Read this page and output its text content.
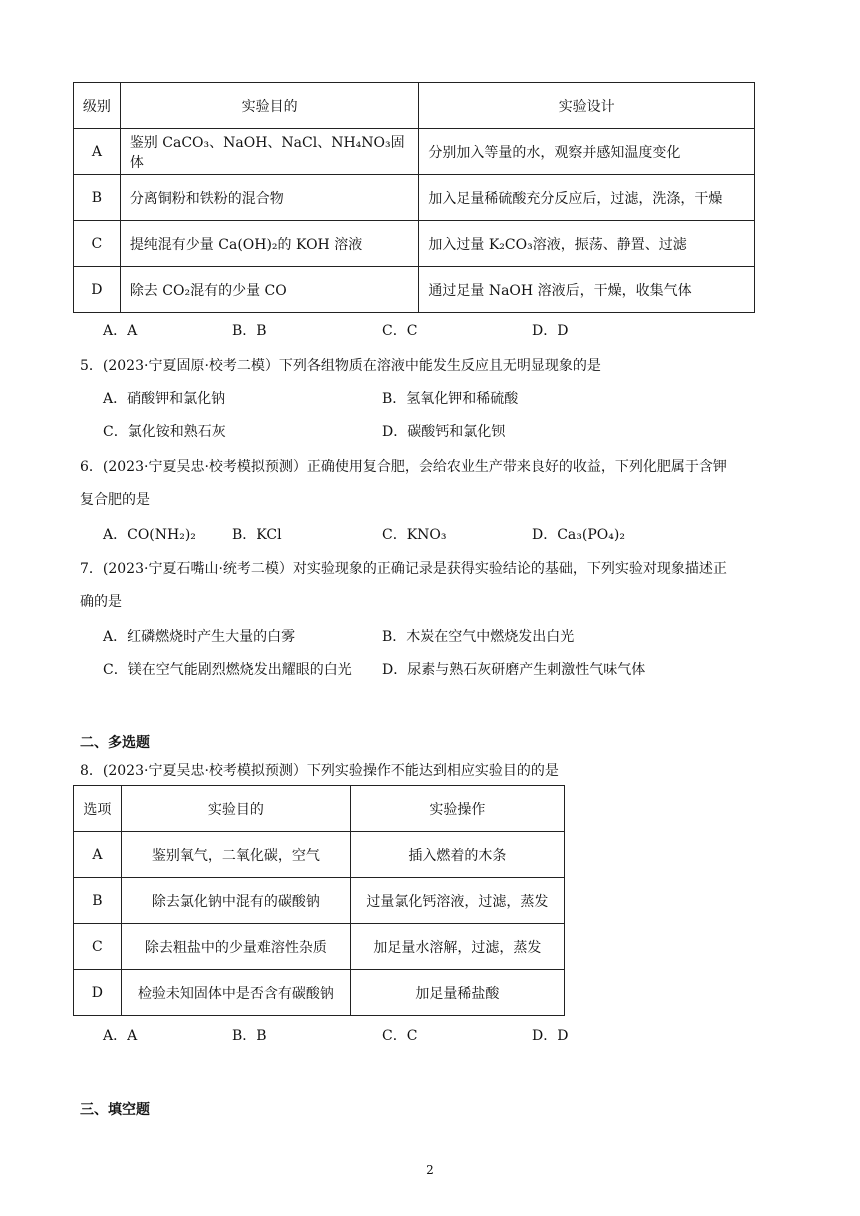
级别	实验目的	实验设计
A	鉴别 CaCO₃、NaOH、NaCl、NH₄NO₃固体	分别加入等量的水，观察并感知温度变化
B	分离铜粉和铁粉的混合物	加入足量稀硫酸充分反应后，过滤，洗涤，干燥
C	提纯混有少量 Ca(OH)₂的 KOH 溶液	加入过量 K₂CO₃溶液，振荡、静置、过滤
D	除去 CO₂混有的少量 CO	通过足量 NaOH 溶液后，干燥，收集气体
A．A	B．B	C．C	D．D
5．(2023·宁夏固原·校考二模）下列各组物质在溶液中能发生反应且无明显现象的是
A．硝酸钾和氯化钠	B．氢氧化钾和稀硫酸
C．氯化铵和熟石灰	D．碳酸钙和氯化钡
6．(2023·宁夏吴忠·校考模拟预测）正确使用复合肥，会给农业生产带来良好的收益，下列化肥属于含钾
复合肥的是
A．CO(NH₂)₂	B．KCl	C．KNO₃	D．Ca₃(PO₄)₂
7．(2023·宁夏石嘴山·统考二模）对实验现象的正确记录是获得实验结论的基础，下列实验对现象描述正
确的是
A．红磷燃烧时产生大量的白雾	B．木炭在空气中燃烧发出白光
C．镁在空气能剧烈燃烧发出耀眼的白光 D．尿素与熟石灰研磨产生刺激性气味气体
二、多选题
8．(2023·宁夏吴忠·校考模拟预测）下列实验操作不能达到相应实验目的的是
选项	实验目的	实验操作
A	鉴别氧气，二氧化碳，空气	插入燃着的木条
B	除去氯化钠中混有的碳酸钠	过量氯化钙溶液，过滤，蒸发
C	除去粗盐中的少量难溶性杂质	加足量水溶解，过滤，蒸发
D	检验未知固体中是否含有碳酸钠	加足量稀盐酸
A．A	B．B	C．C	D．D
三、填空题
2
